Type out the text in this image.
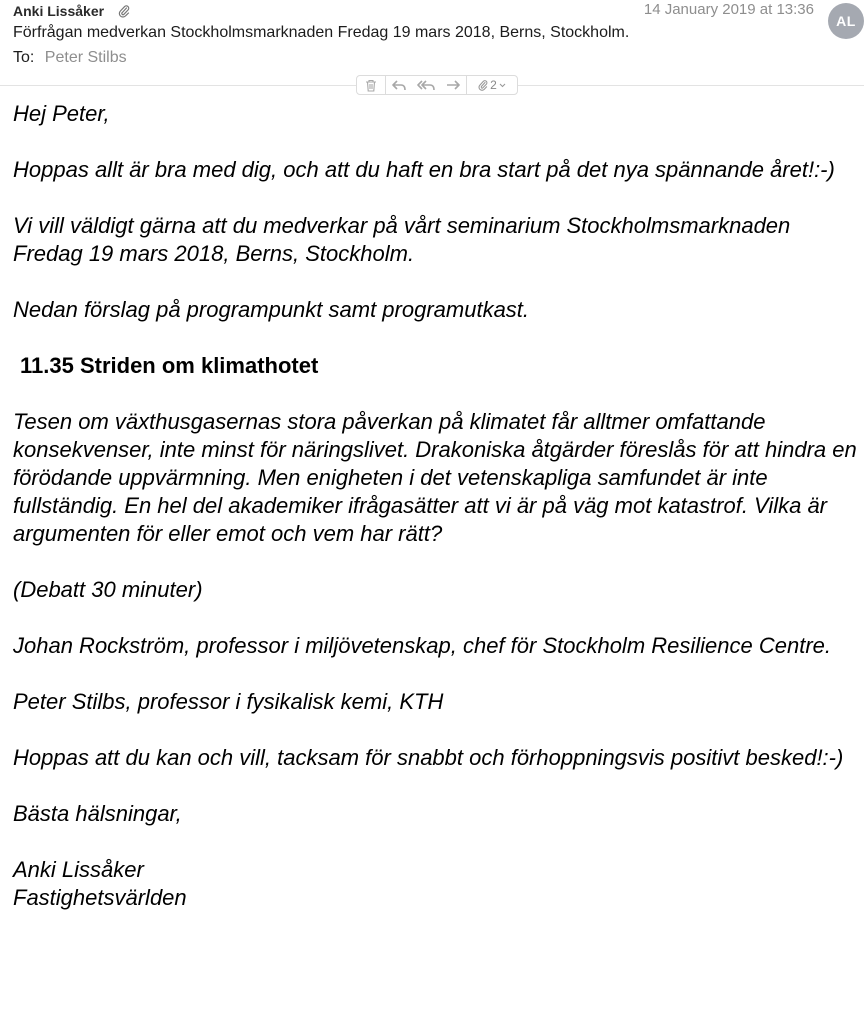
Anki Lissåker	14 January 2019 at 13:36
AL
Förfrågan medverkan Stockholmsmarknaden Fredag 19 mars 2018, Berns, Stockholm.
To: Peter Stilbs
2

Hej Peter,

Hoppas allt är bra med dig, och att du haft en bra start på det nya spännande året!:-)

Vi vill väldigt gärna att du medverkar på vårt seminarium Stockholmsmarknaden Fredag 19 mars 2018, Berns, Stockholm.

Nedan förslag på programpunkt samt programutkast.

11.35 Striden om klimathotet

Tesen om växthusgasernas stora påverkan på klimatet får alltmer omfattande konsekvenser, inte minst för näringslivet. Drakoniska åtgärder föreslås för att hindra en förödande uppvärmning. Men enigheten i det vetenskapliga samfundet är inte fullständig. En hel del akademiker ifrågasätter att vi är på väg mot katastrof. Vilka är argumenten för eller emot och vem har rätt?

(Debatt 30 minuter)

Johan Rockström, professor i miljövetenskap, chef för Stockholm Resilience Centre.

Peter Stilbs, professor i fysikalisk kemi, KTH

Hoppas att du kan och vill, tacksam för snabbt och förhoppningsvis positivt besked!:-)

Bästa hälsningar,

Anki Lissåker

Fastighetsvärlden
